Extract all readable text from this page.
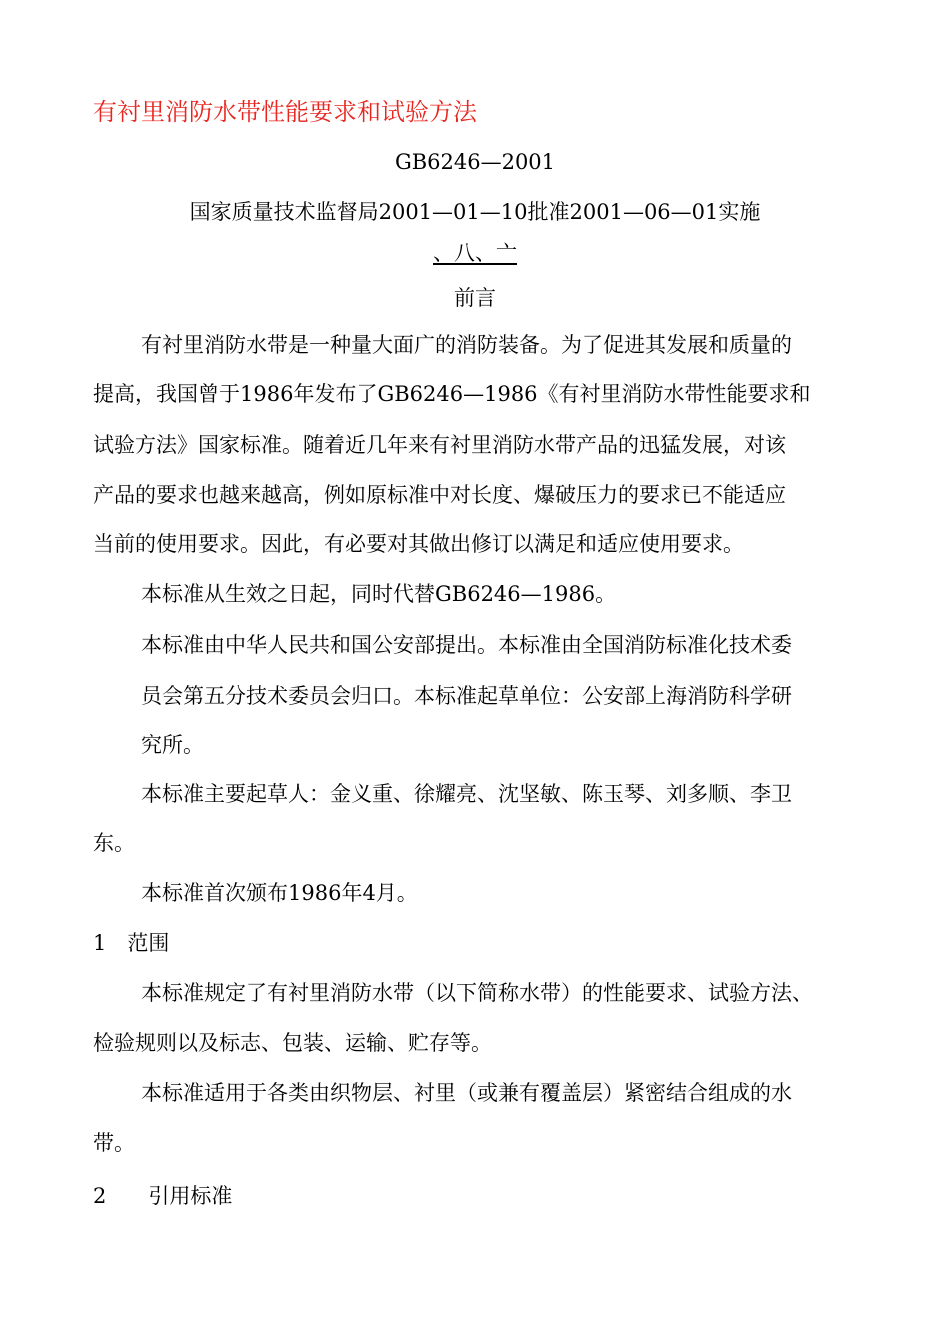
有衬里消防水带性能要求和试验方法
GB6246—2001
国家质量技术监督局2001—01—10批准2001—06—01实施
、八、亠
前言
有衬里消防水带是一种量大面广的消防装备。为了促进其发展和质量的
提高，我国曾于1986年发布了GB6246—1986《有衬里消防水带性能要求和
试验方法》国家标准。随着近几年来有衬里消防水带产品的迅猛发展，对该
产品的要求也越来越高，例如原标准中对长度、爆破压力的要求已不能适应
当前的使用要求。因此，有必要对其做出修订以满足和适应使用要求。
本标准从生效之日起，同时代替GB6246—1986。
本标准由中华人民共和国公安部提出。本标准由全国消防标准化技术委
员会第五分技术委员会归口。本标准起草单位：公安部上海消防科学研
究所。
本标准主要起草人：金义重、徐耀亮、沈坚敏、陈玉琴、刘多顺、李卫
东。
本标准首次颁布1986年4月。
1　范围
本标准规定了有衬里消防水带（以下简称水带）的性能要求、试验方法、
检验规则以及标志、包装、运输、贮存等。
本标准适用于各类由织物层、衬里（或兼有覆盖层）紧密结合组成的水
带。
2　　引用标准
